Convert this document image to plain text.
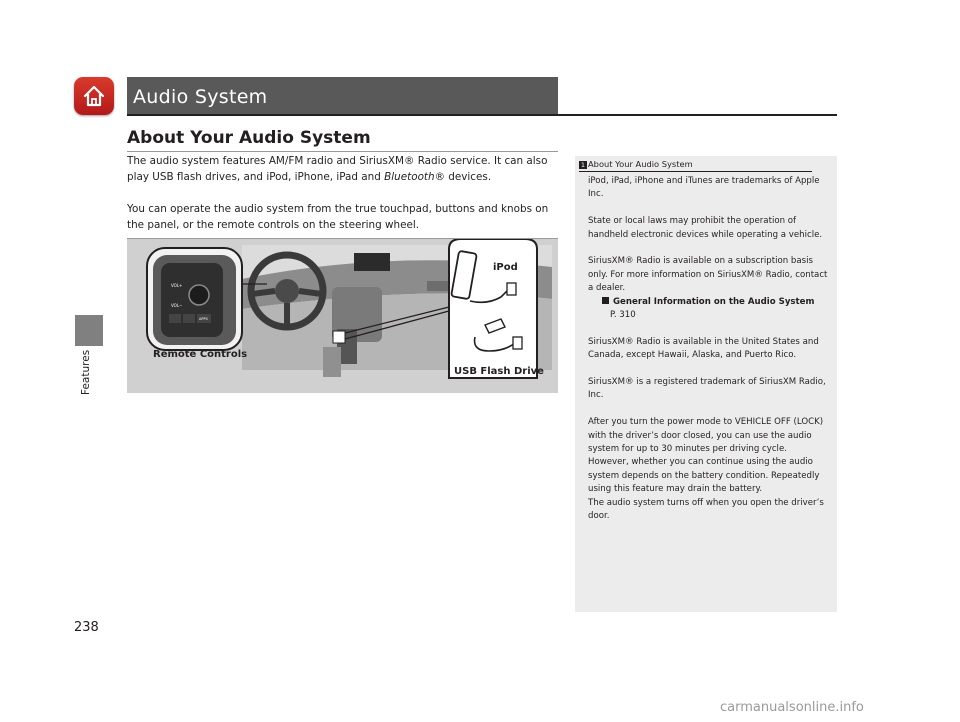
Features
238
Audio System
About Your Audio System

The audio system features AM/FM radio and SiriusXM® Radio service. It can also play USB flash drives, and iPod, iPhone, iPad and Bluetooth® devices.

You can operate the audio system from the true touchpad, buttons and knobs on the panel, or the remote controls on the steering wheel.

VOL+
VOL−
APPS
Remote Controls
iPod
USB Flash Drive
1 About Your Audio System

iPod, iPad, iPhone and iTunes are trademarks of Apple Inc.

State or local laws may prohibit the operation of handheld electronic devices while operating a vehicle.

SiriusXM® Radio is available on a subscription basis only. For more information on SiriusXM® Radio, contact a dealer.

General Information on the Audio System

P. 310

SiriusXM® Radio is available in the United States and Canada, except Hawaii, Alaska, and Puerto Rico.

SiriusXM® is a registered trademark of SiriusXM Radio, Inc.

After you turn the power mode to VEHICLE OFF (LOCK) with the driver’s door closed, you can use the audio system for up to 30 minutes per driving cycle. However, whether you can continue using the audio system depends on the battery condition. Repeatedly using this feature may drain the battery.

The audio system turns off when you open the driver’s door.

carmanualsonline.info
